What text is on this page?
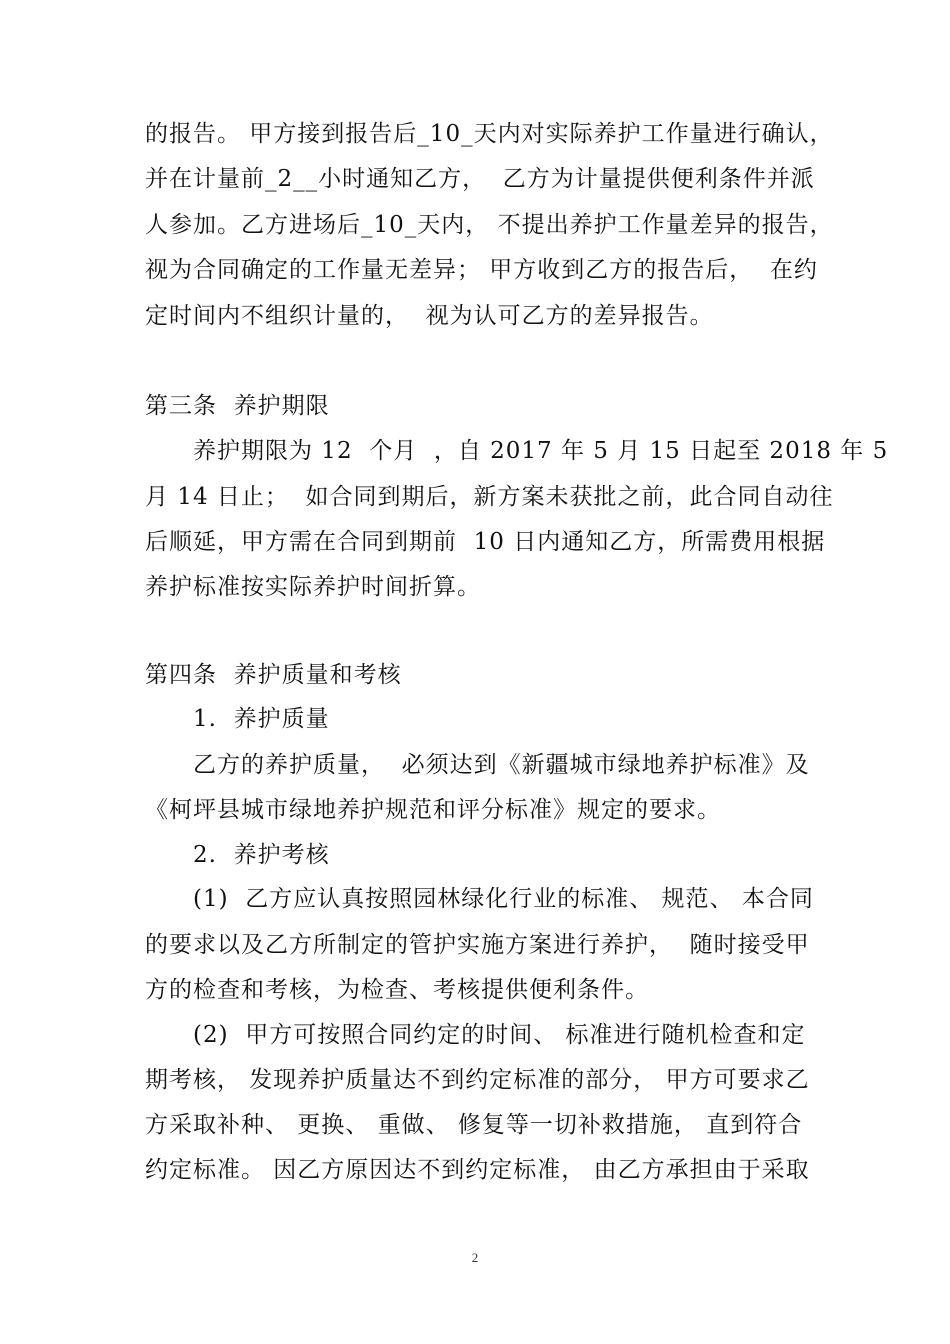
的报告。 甲方接到报告后_10_天内对实际养护工作量进行确认，
并在计量前_2__小时通知乙方，  乙方为计量提供便利条件并派
人参加。乙方进场后_10_天内， 不提出养护工作量差异的报告，
视为合同确定的工作量无差异； 甲方收到乙方的报告后，  在约
定时间内不组织计量的，  视为认可乙方的差异报告。
第三条  养护期限
养护期限为 12  个月  ，自 2017 年 5 月 15 日起至 2018 年 5
月 14 日止；  如合同到期后，新方案未获批之前，此合同自动往
后顺延，甲方需在合同到期前  10 日内通知乙方，所需费用根据
养护标准按实际养护时间折算。
第四条  养护质量和考核
1.  养护质量
乙方的养护质量，  必须达到《新疆城市绿地养护标准》及
《柯坪县城市绿地养护规范和评分标准》规定的要求。
2.  养护考核
(1)  乙方应认真按照园林绿化行业的标准、 规范、 本合同
的要求以及乙方所制定的管护实施方案进行养护，  随时接受甲
方的检查和考核，为检查、考核提供便利条件。
(2)  甲方可按照合同约定的时间、 标准进行随机检查和定
期考核， 发现养护质量达不到约定标准的部分， 甲方可要求乙
方采取补种、 更换、 重做、 修复等一切补救措施， 直到符合
约定标准。 因乙方原因达不到约定标准， 由乙方承担由于采取
2
